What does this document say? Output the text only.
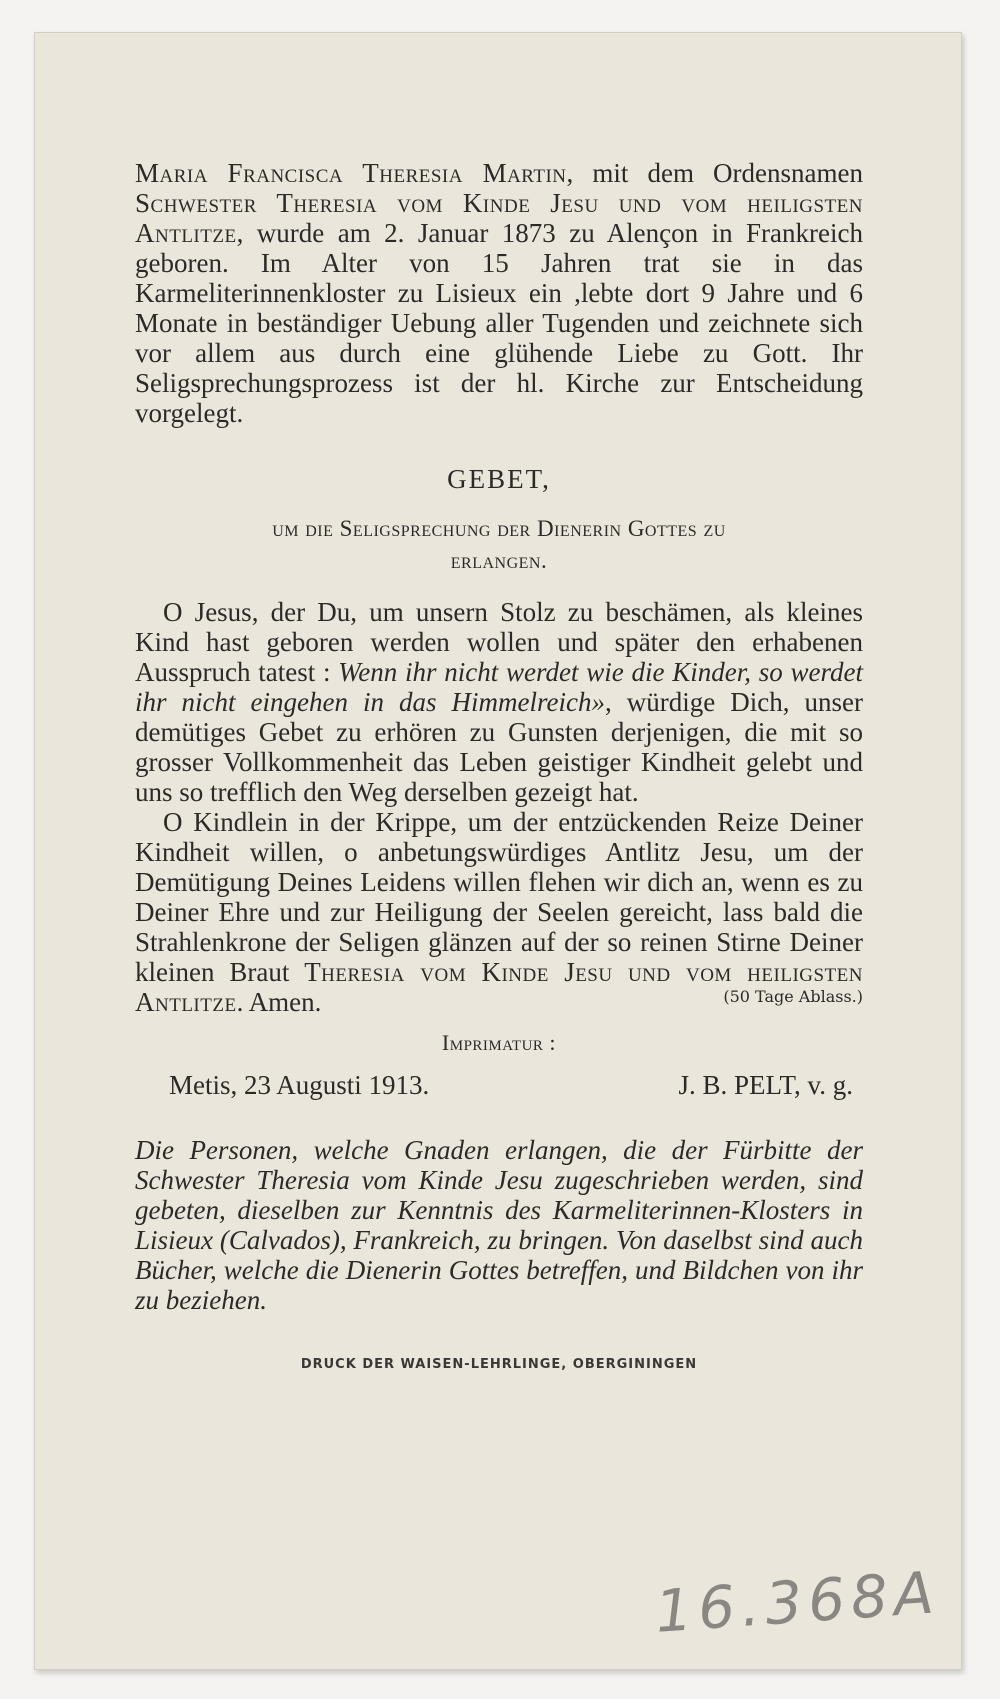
Maria Francisca Theresia Martin, mit dem Ordensnamen Schwester Theresia vom Kinde Jesu und vom heiligsten Antlitze, wurde am 2. Januar 1873 zu Alençon in Frankreich geboren. Im Alter von 15 Jahren trat sie in das Karmeliterinnenkloster zu Lisieux ein ,lebte dort 9 Jahre und 6 Monate in beständiger Uebung aller Tugenden und zeichnete sich vor allem aus durch eine glühende Liebe zu Gott. Ihr Seligsprechungsprozess ist der hl. Kirche zur Entscheidung vorgelegt.

GEBET,
um die Seligsprechung der Dienerin Gottes zu
erlangen.

O Jesus, der Du, um unsern Stolz zu beschämen, als kleines Kind hast geboren werden wollen und später den erhabenen Ausspruch tatest : Wenn ihr nicht werdet wie die Kinder, so werdet ihr nicht eingehen in das Himmelreich», würdige Dich, unser demütiges Gebet zu erhören zu Gunsten derjenigen, die mit so grosser Vollkommenheit das Leben geistiger Kindheit gelebt und uns so trefflich den Weg derselben gezeigt hat.

O Kindlein in der Krippe, um der entzückenden Reize Deiner Kindheit willen, o anbetungswürdiges Antlitz Jesu, um der Demütigung Deines Leidens willen flehen wir dich an, wenn es zu Deiner Ehre und zur Heiligung der Seelen gereicht, lass bald die Strahlenkrone der Seligen glänzen auf der so reinen Stirne Deiner kleinen Braut Theresia vom Kinde Jesu und vom heiligsten Antlitze. Amen.	(50 Tage Ablass.)
Imprimatur :
Metis, 23 Augusti 1913.	J. B. PELT, v. g.

Die Personen, welche Gnaden erlangen, die der Fürbitte der Schwester Theresia vom Kinde Jesu zugeschrieben werden, sind gebeten, dieselben zur Kenntnis des Karmeliterinnen-Klosters in Lisieux (Calvados), Frankreich, zu bringen. Von daselbst sind auch Bücher, welche die Dienerin Gottes betreffen, und Bildchen von ihr zu beziehen.

DRUCK DER WAISEN-LEHRLINGE, OBERGININGEN
16.368A
